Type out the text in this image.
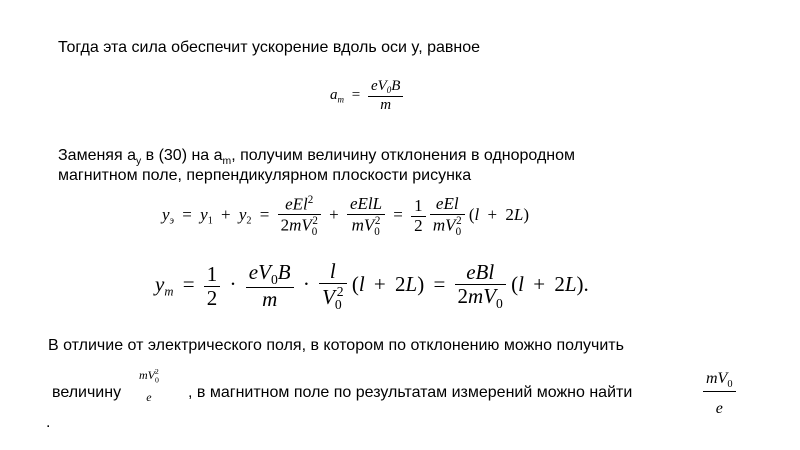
Тогда эта сила обеспечит ускорение вдоль оси y, равное
$a_m = \frac{eV_0B}{m}$
Заменяя $a_y$ в (30) на $a_m$, получим величину отклонения в однородном
магнитном поле, перпендикулярном плоскости рисунка
$y_э = y_1 + y_2 = \frac{eEl^2}{2mV_0^2} + \frac{\text{eElL}}{mV_0^2} = \frac{1}{2}$
$\frac{\text{eEl}}{mV_0^2} (l + 2L)$
$y_m = \frac{1}{2} \cdot \frac{eV_0B}{m} \cdot \frac{l}{V_0^2} (l + 2L) = \frac{\text{eBl}}{2mV_0} (l + 2L)$.
В отличие от электрического поля, в котором по отклонению можно получить
величину
$mV_0^2$
e	, в магнитном поле по результатам измерений можно найти	$\frac{mV_0}{e}$
.
